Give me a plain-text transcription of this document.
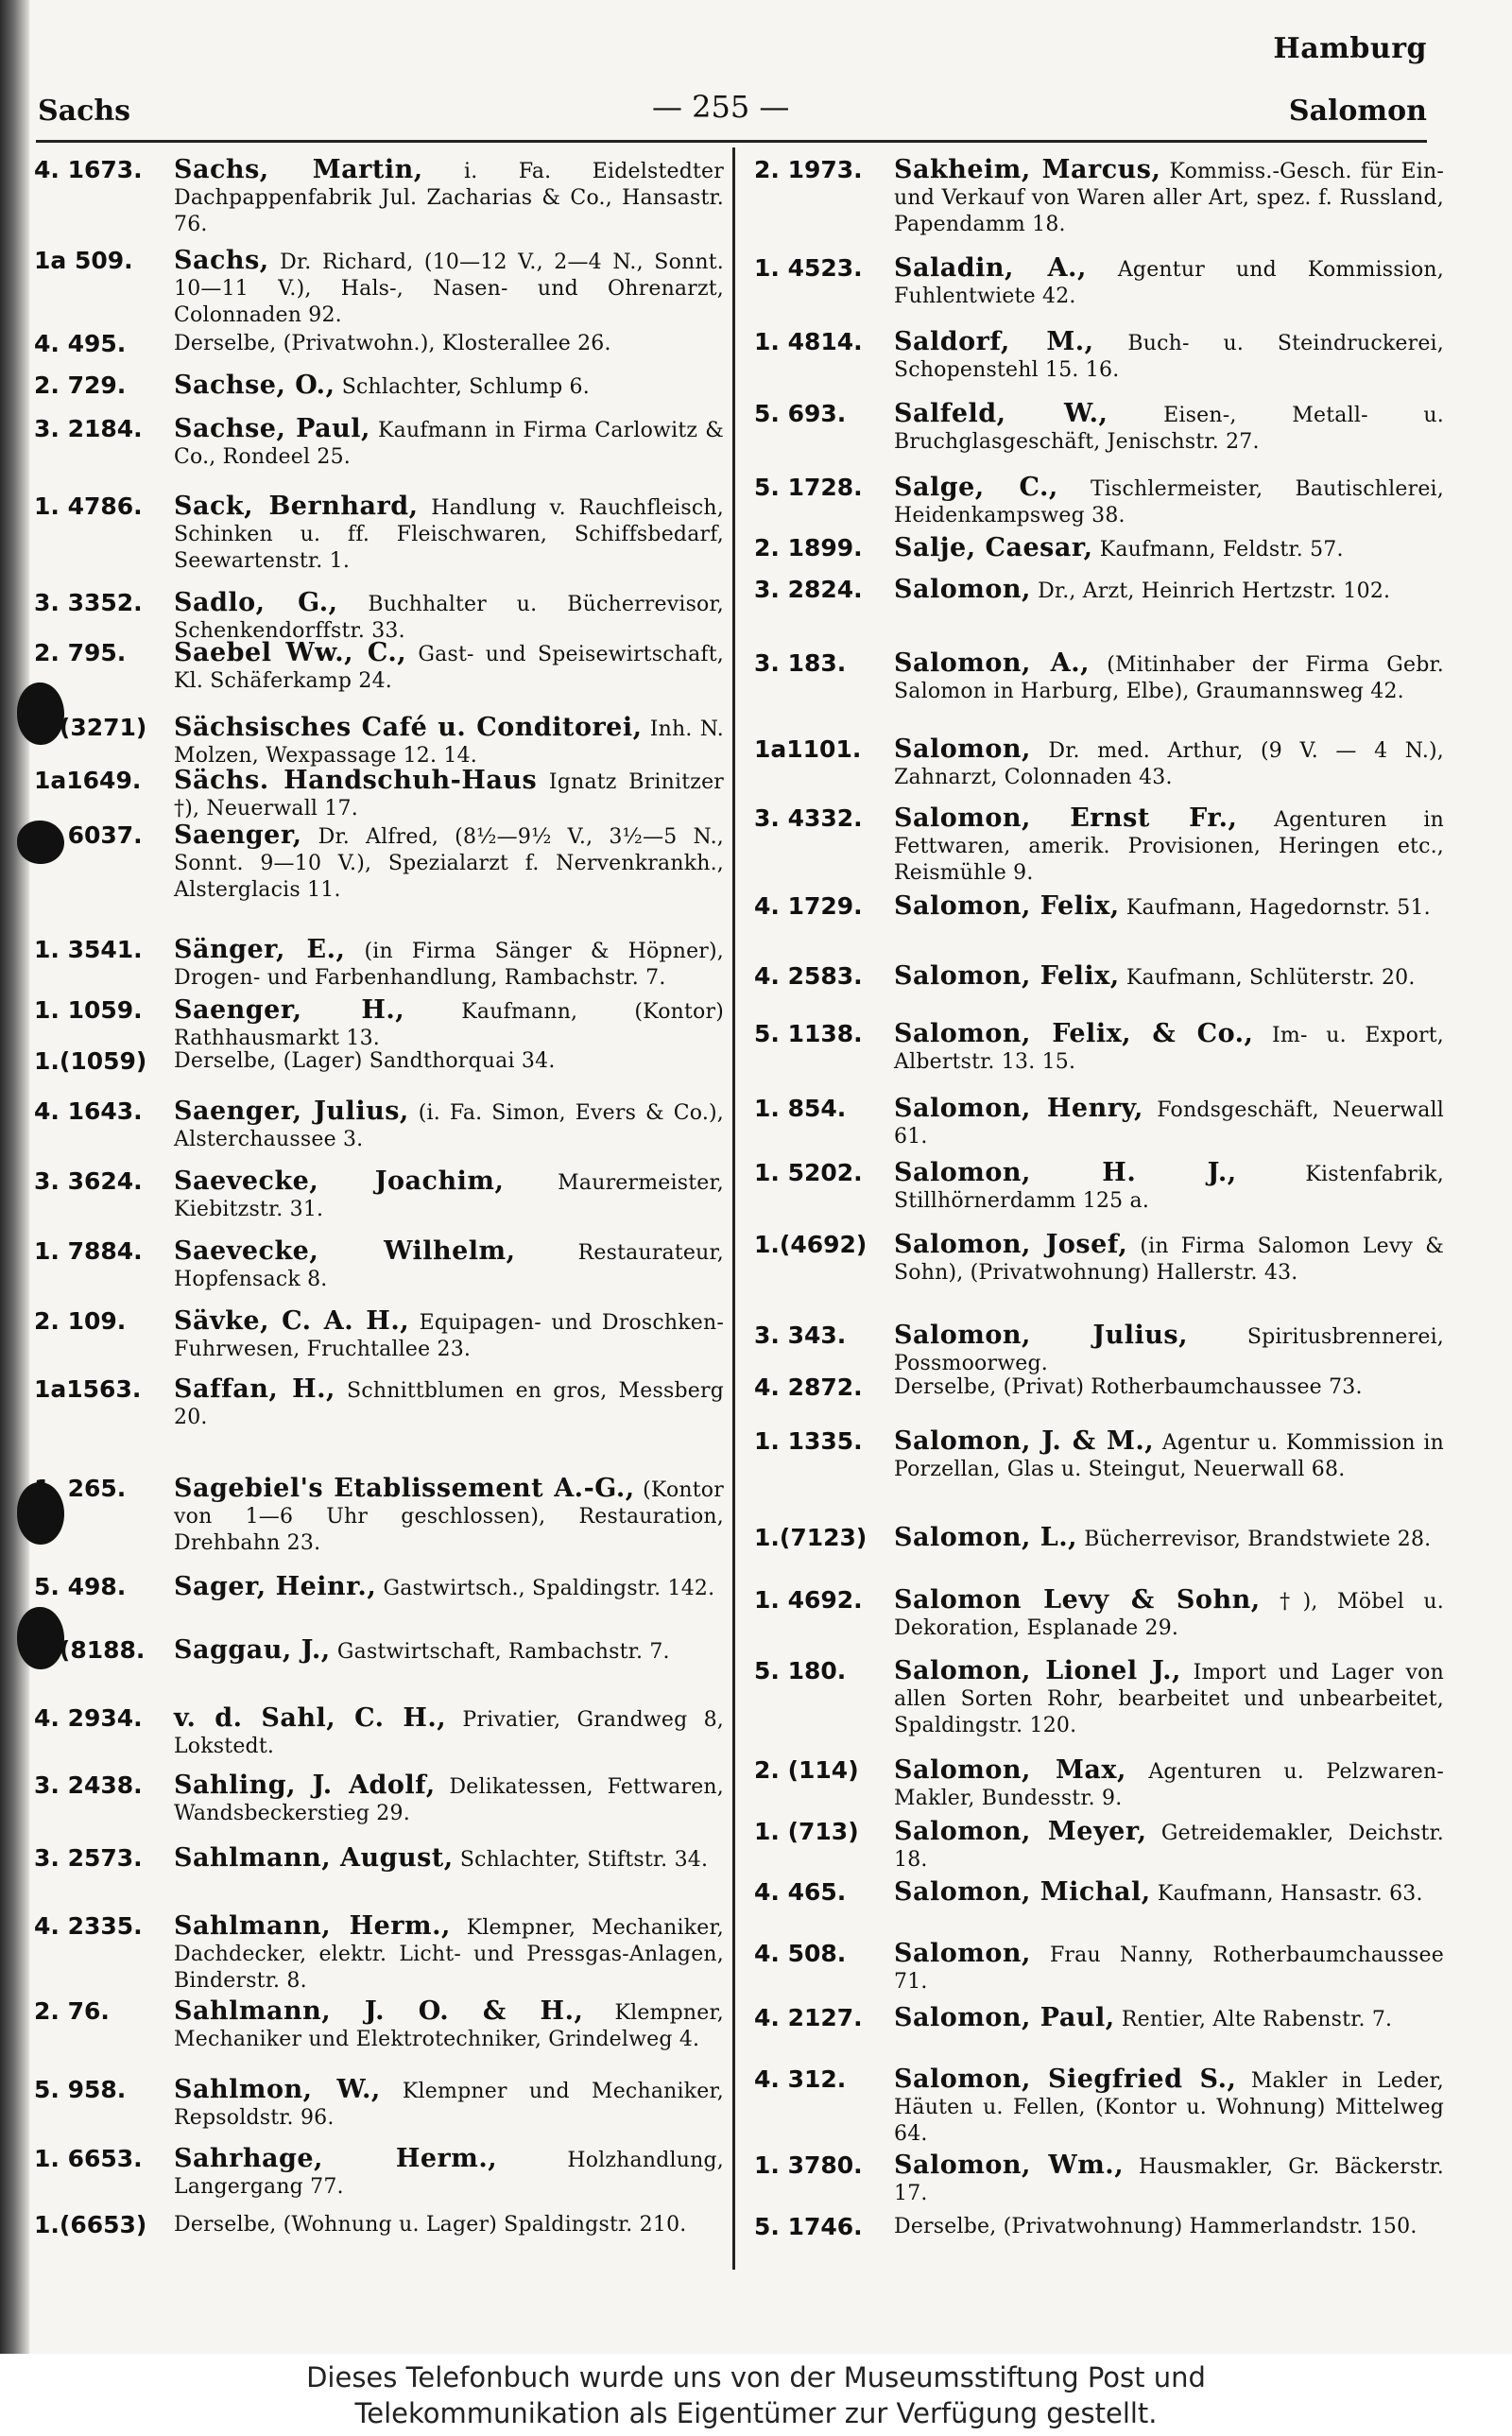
Hamburg
Sachs	— 255 —	Salomon
4. 1673.	Sachs, Martin, i. Fa. Eidelstedter Dachpappenfabrik Jul. Zacharias & Co., Hansastr. 76.
1a 509.	Sachs, Dr. Richard, (10—12 V., 2—4 N., Sonnt. 10—11 V.), Hals-, Nasen- und Ohrenarzt, Colonnaden 92.
4. 495.	Derselbe, (Privatwohn.), Klosterallee 26.
2. 729.	Sachse, O., Schlachter, Schlump 6.
3. 2184.	Sachse, Paul, Kaufmann in Firma Carlowitz & Co., Rondeel 25.
1. 4786.	Sack, Bernhard, Handlung v. Rauchfleisch, Schinken u. ff. Fleischwaren, Schiffsbedarf, Seewartenstr. 1.
3. 3352.	Sadlo, G., Buchhalter u. Bücherrevisor, Schenkendorffstr. 33.
2. 795.	Saebel Ww., C., Gast- und Speisewirtschaft, Kl. Schäferkamp 24.
1.(3271)	Sächsisches Café u. Conditorei, Inh. N. Molzen, Wexpassage 12. 14.
1a1649.	Sächs. Handschuh-Haus Ignatz Brinitzer †), Neuerwall 17.
1. 6037.	Saenger, Dr. Alfred, (8½—9½ V., 3½—5 N., Sonnt. 9—10 V.), Spezialarzt f. Nervenkrankh., Alsterglacis 11.
1. 3541.	Sänger, E., (in Firma Sänger & Höpner), Drogen- und Farbenhandlung, Rambachstr. 7.
1. 1059.	Saenger, H.,	Kaufmann, (Kontor) Rathhausmarkt 13.
1.(1059)	Derselbe, (Lager) Sandthorquai 34.
4. 1643.	Saenger, Julius, (i. Fa. Simon, Evers & Co.), Alsterchaussee 3.
3. 3624.	Saevecke, Joachim,	Maurermeister, Kiebitzstr. 31.
1. 7884.	Saevecke, Wilhelm,	Restaurateur, Hopfensack 8.
2. 109.	Sävke, C. A. H., Equipagen- und Droschken-Fuhrwesen, Fruchtallee 23.
1a1563.	Saffan, H., Schnittblumen en gros, Messberg 20.
1. 265.	Sagebiel's Etablissement A.-G., (Kontor von 1—6 Uhr geschlossen), Restauration, Drehbahn 23.
5. 498.	Sager, Heinr., Gastwirtsch., Spaldingstr. 142.
1.(8188.	Saggau, J., Gastwirtschaft, Rambachstr. 7.
4. 2934.	v. d. Sahl, C. H., Privatier, Grandweg 8, Lokstedt.
3. 2438.	Sahling, J. Adolf, Delikatessen, Fettwaren, Wandsbeckerstieg 29.
3. 2573.	Sahlmann, August, Schlachter, Stiftstr. 34.
4. 2335.	Sahlmann, Herm., Klempner, Mechaniker, Dachdecker, elektr. Licht- und Pressgas-Anlagen, Binderstr. 8.
2. 76.	Sahlmann, J. O. & H., Klempner, Mechaniker und Elektrotechniker, Grindelweg 4.
5. 958.	Sahlmon, W., Klempner und Mechaniker, Repsoldstr. 96.
1. 6653.	Sahrhage, Herm.,	Holzhandlung, Langergang 77.
1.(6653)	Derselbe, (Wohnung u. Lager) Spaldingstr. 210.
2. 1973.	Sakheim, Marcus, Kommiss.-Gesch. für Ein- und Verkauf von Waren aller Art, spez. f. Russland, Papendamm 18.
1. 4523.	Saladin, A., Agentur und Kommission, Fuhlentwiete 42.
1. 4814.	Saldorf, M., Buch- u. Steindruckerei, Schopenstehl 15. 16.
5. 693.	Salfeld, W.,	Eisen-, Metall- u. Bruchglasgeschäft, Jenischstr. 27.
5. 1728.	Salge, C., Tischlermeister, Bautischlerei, Heidenkampsweg 38.
2. 1899.	Salje, Caesar, Kaufmann, Feldstr. 57.
3. 2824.	Salomon, Dr., Arzt, Heinrich Hertzstr. 102.
3. 183.	Salomon, A., (Mitinhaber der Firma Gebr. Salomon in Harburg, Elbe), Graumannsweg 42.
1a1101.	Salomon, Dr. med. Arthur, (9 V. — 4 N.), Zahnarzt, Colonnaden 43.
3. 4332.	Salomon, Ernst Fr., Agenturen in Fettwaren, amerik. Provisionen, Heringen etc., Reismühle 9.
4. 1729.	Salomon, Felix, Kaufmann, Hagedornstr. 51.
4. 2583.	Salomon, Felix, Kaufmann, Schlüterstr. 20.
5. 1138.	Salomon, Felix, & Co., Im- u. Export, Albertstr. 13. 15.
1. 854.	Salomon, Henry, Fondsgeschäft, Neuerwall 61.
1. 5202.	Salomon, H. J.,	Kistenfabrik, Stillhörnerdamm 125 a.
1.(4692)	Salomon, Josef, (in Firma Salomon Levy & Sohn), (Privatwohnung) Hallerstr. 43.
3. 343.	Salomon, Julius,	Spiritusbrennerei, Possmoorweg.
4. 2872.	Derselbe, (Privat) Rotherbaumchaussee 73.
1. 1335.	Salomon, J. & M., Agentur u. Kommission in Porzellan, Glas u. Steingut, Neuerwall 68.
1.(7123)	Salomon, L., Bücherrevisor, Brandstwiete 28.
1. 4692.	Salomon Levy & Sohn, †), Möbel u. Dekoration, Esplanade 29.
5. 180.	Salomon, Lionel J., Import und Lager von allen Sorten Rohr, bearbeitet und unbearbeitet, Spaldingstr. 120.
2. (114)	Salomon, Max, Agenturen u. Pelzwaren-Makler, Bundesstr. 9.
1. (713)	Salomon, Meyer, Getreidemakler, Deichstr. 18.
4. 465.	Salomon, Michal, Kaufmann, Hansastr. 63.
4. 508.	Salomon, Frau Nanny, Rotherbaumchaussee 71.
4. 2127.	Salomon, Paul, Rentier, Alte Rabenstr. 7.
4. 312.	Salomon, Siegfried S., Makler in Leder, Häuten u. Fellen, (Kontor u. Wohnung) Mittelweg 64.
1. 3780.	Salomon, Wm., Hausmakler, Gr. Bäckerstr. 17.
5. 1746.	Derselbe, (Privatwohnung) Hammerlandstr. 150.
Dieses Telefonbuch wurde uns von der Museumsstiftung Post und
Telekommunikation als Eigentümer zur Verfügung gestellt.
